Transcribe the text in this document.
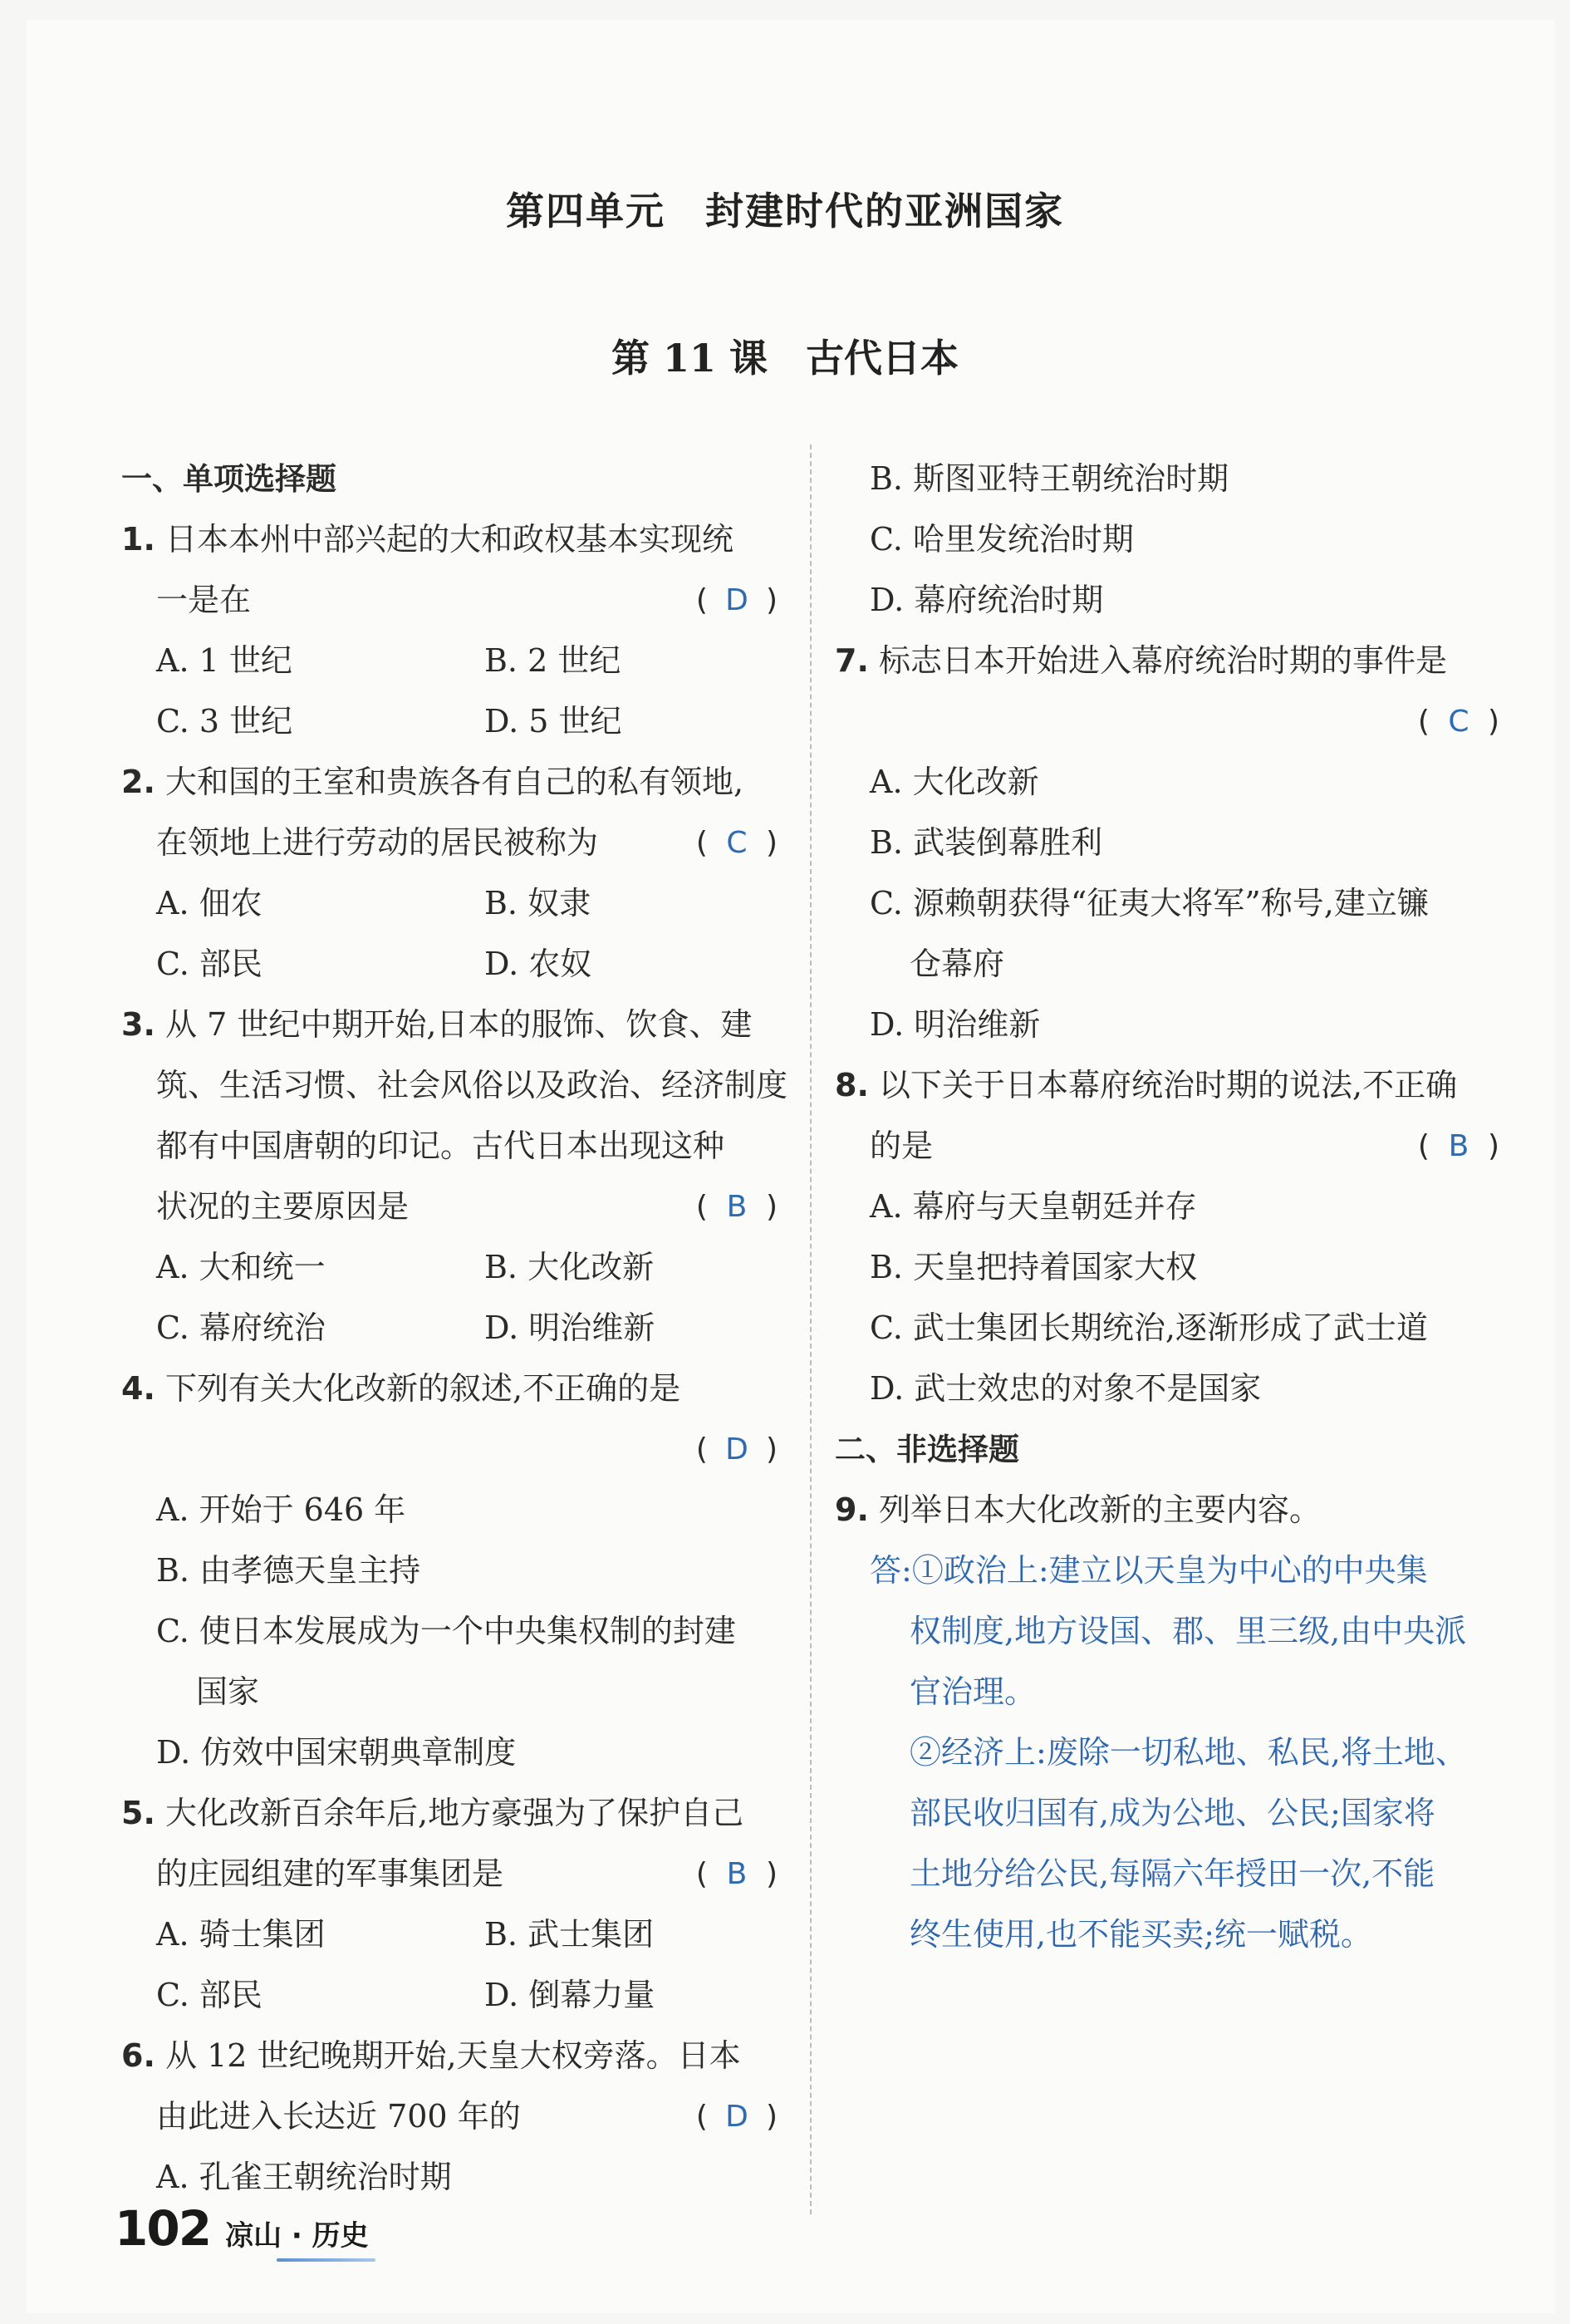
第四单元　封建时代的亚洲国家
第 11 课　古代日本
一、单项选择题
1. 日本本州中部兴起的大和政权基本实现统
一是在	( D )
A. 1 世纪	B. 2 世纪
C. 3 世纪	D. 5 世纪
2. 大和国的王室和贵族各有自己的私有领地,
在领地上进行劳动的居民被称为	( C )
A. 佃农	B. 奴隶
C. 部民	D. 农奴
3. 从 7 世纪中期开始,日本的服饰、饮食、建
筑、生活习惯、社会风俗以及政治、经济制度
都有中国唐朝的印记。古代日本出现这种
状况的主要原因是	( B )
A. 大和统一	B. 大化改新
C. 幕府统治	D. 明治维新
4. 下列有关大化改新的叙述,不正确的是
( D )
A. 开始于 646 年
B. 由孝德天皇主持
C. 使日本发展成为一个中央集权制的封建
国家
D. 仿效中国宋朝典章制度
5. 大化改新百余年后,地方豪强为了保护自己
的庄园组建的军事集团是	( B )
A. 骑士集团	B. 武士集团
C. 部民	D. 倒幕力量
6. 从 12 世纪晚期开始,天皇大权旁落。日本
由此进入长达近 700 年的	( D )
A. 孔雀王朝统治时期
B. 斯图亚特王朝统治时期
C. 哈里发统治时期
D. 幕府统治时期
7. 标志日本开始进入幕府统治时期的事件是
( C )
A. 大化改新
B. 武装倒幕胜利
C. 源赖朝获得“征夷大将军”称号,建立镰
仓幕府
D. 明治维新
8. 以下关于日本幕府统治时期的说法,不正确
的是	( B )
A. 幕府与天皇朝廷并存
B. 天皇把持着国家大权
C. 武士集团长期统治,逐渐形成了武士道
D. 武士效忠的对象不是国家
二、非选择题
9. 列举日本大化改新的主要内容。
答:①政治上:建立以天皇为中心的中央集
权制度,地方设国、郡、里三级,由中央派
官治理。
②经济上:废除一切私地、私民,将土地、
部民收归国有,成为公地、公民;国家将
土地分给公民,每隔六年授田一次,不能
终生使用,也不能买卖;统一赋税。
102 凉山 · 历史
